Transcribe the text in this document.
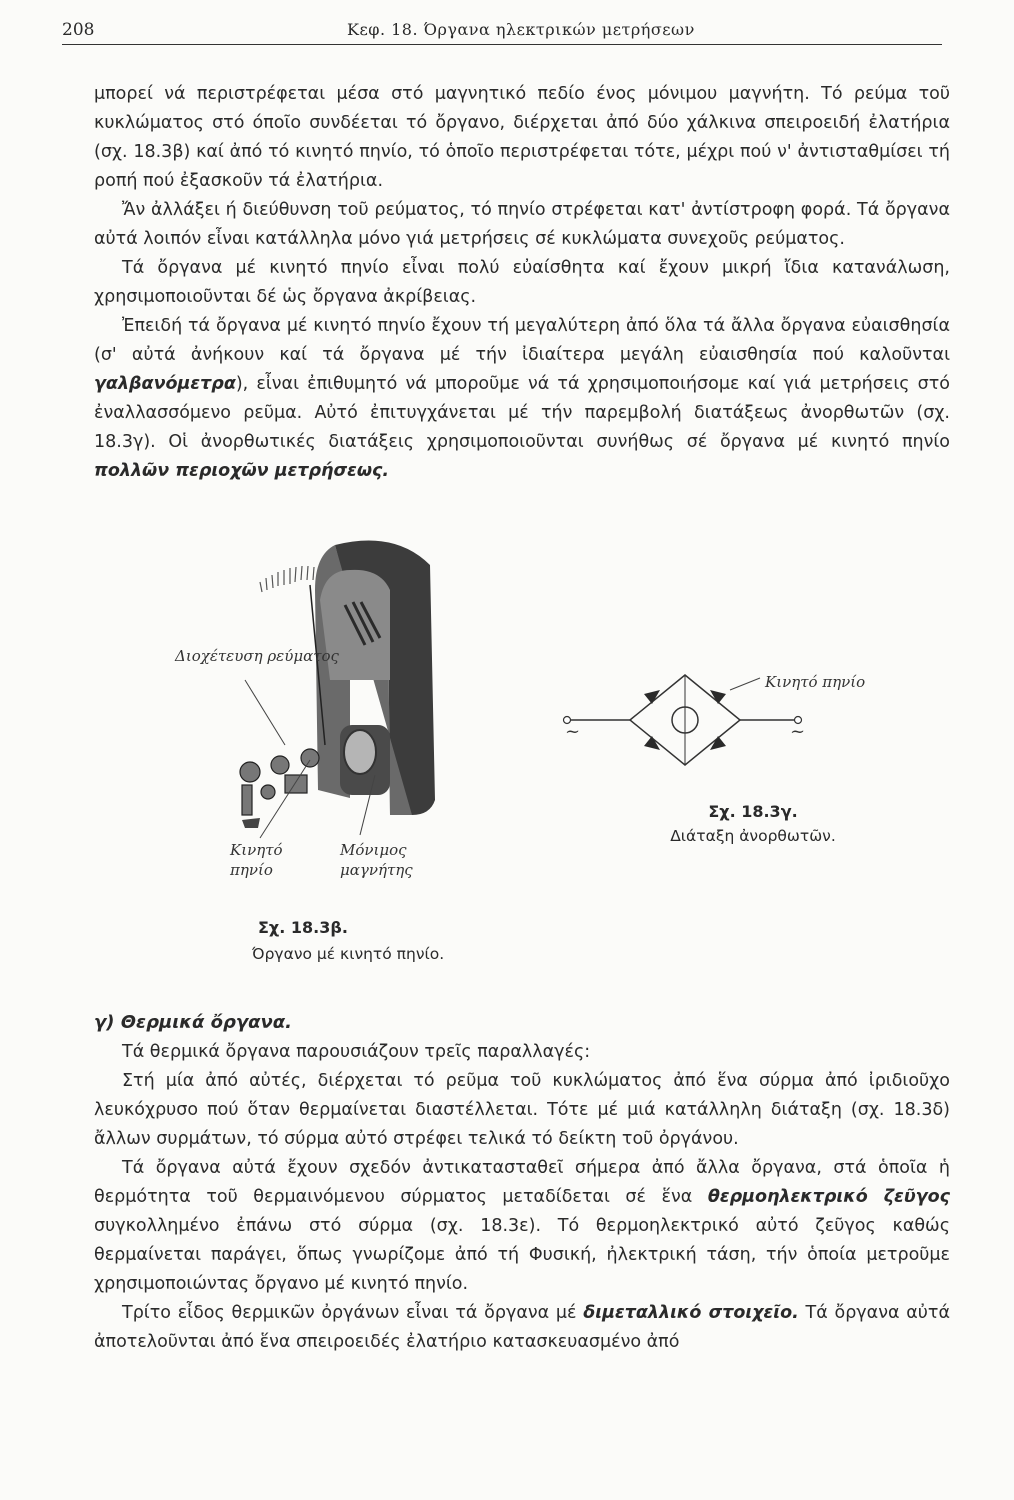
208	Κεφ. 18. Όργανα ηλεκτρικών μετρήσεων

μπορεί νά περιστρέφεται μέσα στό μαγνητικό πεδίο ένος μόνιμου μαγνήτη. Τό ρεύμα τοῦ κυκλώματος στό όποῖο συνδέεται τό ὄργανο, διέρχεται ἀπό δύο χάλκινα σπειροειδή ἐλατήρια (σχ. 18.3β) καί ἀπό τό κινητό πηνίο, τό ὁποῖο περιστρέφεται τότε, μέχρι πού ν' ἀντισταθμίσει τή ροπή πού ἐξασκοῦν τά ἐλατήρια.

Ἄν ἀλλάξει ή διεύθυνση τοῦ ρεύματος, τό πηνίο στρέφεται κατ' ἀντίστροφη φορά. Τά ὄργανα αὐτά λοιπόν εἶναι κατάλληλα μόνο γιά μετρήσεις σέ κυκλώματα συνεχοῦς ρεύματος.

Τά ὄργανα μέ κινητό πηνίο εἶναι πολύ εὐαίσθητα καί ἔχουν μικρή ἴδια κατανάλωση, χρησιμοποιοῦνται δέ ὡς ὄργανα ἀκρίβειας.

Ἐπειδή τά ὄργανα μέ κινητό πηνίο ἔχουν τή μεγαλύτερη ἀπό ὅλα τά ἄλλα ὄργανα εὐαισθησία (σ' αὐτά ἀνήκουν καί τά ὄργανα μέ τήν ἰδιαίτερα μεγάλη εὐαισθησία πού καλοῦνται γαλβανόμετρα), εἶναι ἐπιθυμητό νά μποροῦμε νά τά χρησιμοποιήσομε καί γιά μετρήσεις στό ἐναλλασσόμενο ρεῦμα. Αὐτό ἐπιτυγχάνεται μέ τήν παρεμβολή διατάξεως ἀνορθωτῶν (σχ. 18.3γ). Οἱ ἀνορθωτικές διατάξεις χρησιμοποιοῦνται συνήθως σέ ὄργανα μέ κινητό πηνίο πολλῶν περιοχῶν μετρήσεως.

Διοχέτευση ρεύματος
Κινητό πηνίο
Μόνιμος μαγνήτης
Σχ. 18.3β.
Όργανο μέ κινητό πηνίο.
Κινητό πηνίο
~	~
Σχ. 18.3γ.
Διάταξη ἀνορθωτῶν.
γ) Θερμικά ὄργανα.

Τά θερμικά ὄργανα παρουσιάζουν τρεῖς παραλλαγές:

Στή μία ἀπό αὐτές, διέρχεται τό ρεῦμα τοῦ κυκλώματος ἀπό ἕνα σύρμα ἀπό ἰριδιοῦχο λευκόχρυσο πού ὅταν θερμαίνεται διαστέλλεται. Τότε μέ μιά κατάλληλη διάταξη (σχ. 18.3δ) ἄλλων συρμάτων, τό σύρμα αὐτό στρέφει τελικά τό δείκτη τοῦ ὀργάνου.

Τά ὄργανα αὐτά ἔχουν σχεδόν ἀντικατασταθεῖ σήμερα ἀπό ἄλλα ὄργανα, στά ὁποῖα ἡ θερμότητα τοῦ θερμαινόμενου σύρματος μεταδίδεται σέ ἕνα θερμοηλεκτρικό ζεῦγος συγκολλημένο ἐπάνω στό σύρμα (σχ. 18.3ε). Τό θερμοηλεκτρικό αὐτό ζεῦγος καθώς θερμαίνεται παράγει, ὅπως γνωρίζομε ἀπό τή Φυσική, ἠλεκτρική τάση, τήν ὁποία μετροῦμε χρησιμοποιώντας ὄργανο μέ κινητό πηνίο.

Τρίτο εἶδος θερμικῶν ὀργάνων εἶναι τά ὄργανα μέ διμεταλλικό στοιχεῖο. Τά ὄργανα αὐτά ἀποτελοῦνται ἀπό ἕνα σπειροειδές ἐλατήριο κατασκευασμένο ἀπό
